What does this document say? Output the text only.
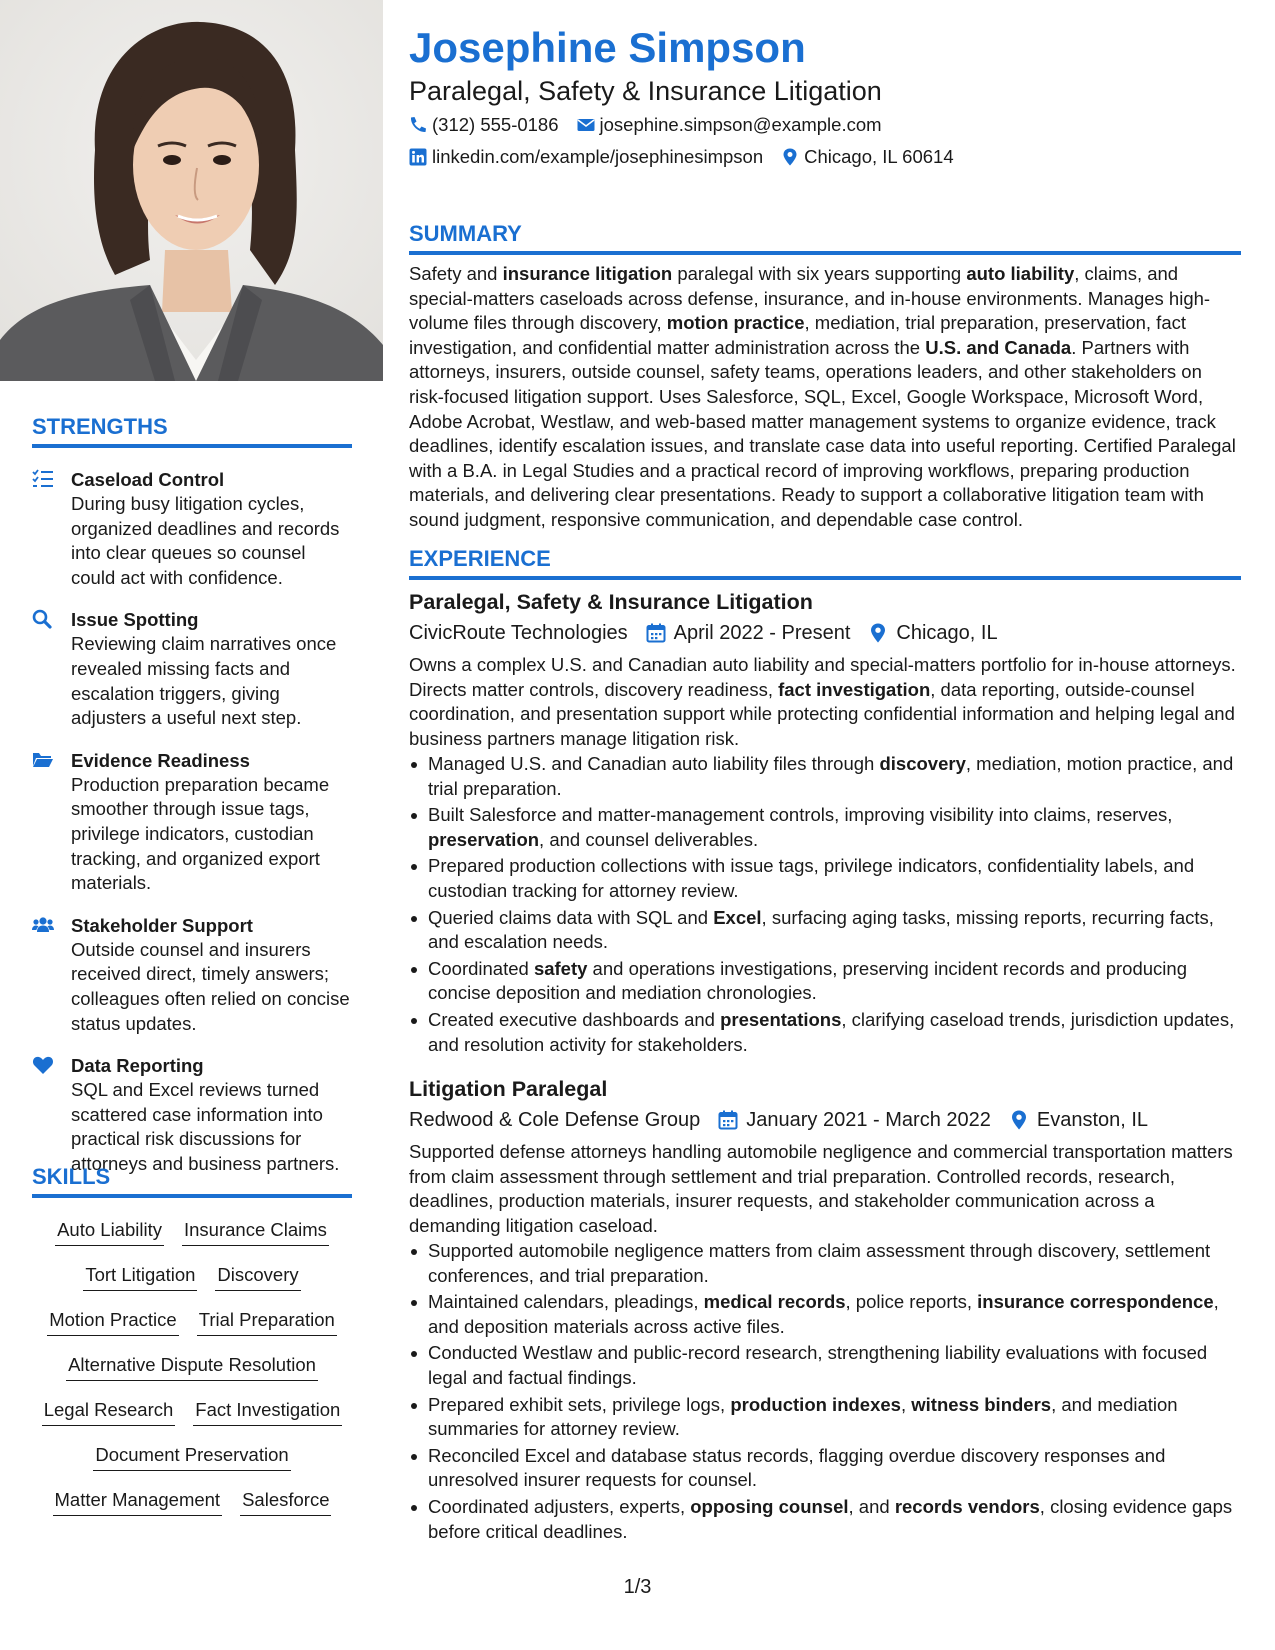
STRENGTHS
Caseload Control
During busy litigation cycles, organized deadlines and records into clear queues so counsel could act with confidence.
Issue Spotting
Reviewing claim narratives once revealed missing facts and escalation triggers, giving adjusters a useful next step.
Evidence Readiness
Production preparation became smoother through issue tags, privilege indicators, custodian tracking, and organized export materials.
Stakeholder Support
Outside counsel and insurers received direct, timely answers; colleagues often relied on concise status updates.
Data Reporting
SQL and Excel reviews turned scattered case information into practical risk discussions for attorneys and business partners.
SKILLS
Auto Liability Insurance Claims
Tort Litigation Discovery
Motion Practice Trial Preparation
Alternative Dispute Resolution
Legal Research Fact Investigation
Document Preservation
Matter Management Salesforce
Josephine Simpson
Paralegal, Safety & Insurance Litigation
(312) 555-0186 josephine.simpson@example.com
linkedin.com/example/josephinesimpson Chicago, IL 60614
SUMMARY
Safety and insurance litigation paralegal with six years supporting auto liability, claims, and special-matters caseloads across defense, insurance, and in-house environments. Manages high-volume files through discovery, motion practice, mediation, trial preparation, preservation, fact investigation, and confidential matter administration across the U.S. and Canada. Partners with attorneys, insurers, outside counsel, safety teams, operations leaders, and other stakeholders on risk-focused litigation support. Uses Salesforce, SQL, Excel, Google Workspace, Microsoft Word, Adobe Acrobat, Westlaw, and web-based matter management systems to organize evidence, track deadlines, identify escalation issues, and translate case data into useful reporting. Certified Paralegal with a B.A. in Legal Studies and a practical record of improving workflows, preparing production materials, and delivering clear presentations. Ready to support a collaborative litigation team with sound judgment, responsive communication, and dependable case control.
EXPERIENCE
Paralegal, Safety & Insurance Litigation
CivicRoute Technologies April 2022 - Present Chicago, IL
Owns a complex U.S. and Canadian auto liability and special-matters portfolio for in-house attorneys. Directs matter controls, discovery readiness, fact investigation, data reporting, outside-counsel coordination, and presentation support while protecting confidential information and helping legal and business partners manage litigation risk.
Managed U.S. and Canadian auto liability files through discovery, mediation, motion practice, and trial preparation.
Built Salesforce and matter-management controls, improving visibility into claims, reserves, preservation, and counsel deliverables.
Prepared production collections with issue tags, privilege indicators, confidentiality labels, and custodian tracking for attorney review.
Queried claims data with SQL and Excel, surfacing aging tasks, missing reports, recurring facts, and escalation needs.
Coordinated safety and operations investigations, preserving incident records and producing concise deposition and mediation chronologies.
Created executive dashboards and presentations, clarifying caseload trends, jurisdiction updates, and resolution activity for stakeholders.
Litigation Paralegal
Redwood & Cole Defense Group January 2021 - March 2022 Evanston, IL
Supported defense attorneys handling automobile negligence and commercial transportation matters from claim assessment through settlement and trial preparation. Controlled records, research, deadlines, production materials, insurer requests, and stakeholder communication across a demanding litigation caseload.
Supported automobile negligence matters from claim assessment through discovery, settlement conferences, and trial preparation.
Maintained calendars, pleadings, medical records, police reports, insurance correspondence, and deposition materials across active files.
Conducted Westlaw and public-record research, strengthening liability evaluations with focused legal and factual findings.
Prepared exhibit sets, privilege logs, production indexes, witness binders, and mediation summaries for attorney review.
Reconciled Excel and database status records, flagging overdue discovery responses and unresolved insurer requests for counsel.
Coordinated adjusters, experts, opposing counsel, and records vendors, closing evidence gaps before critical deadlines.
1/3
